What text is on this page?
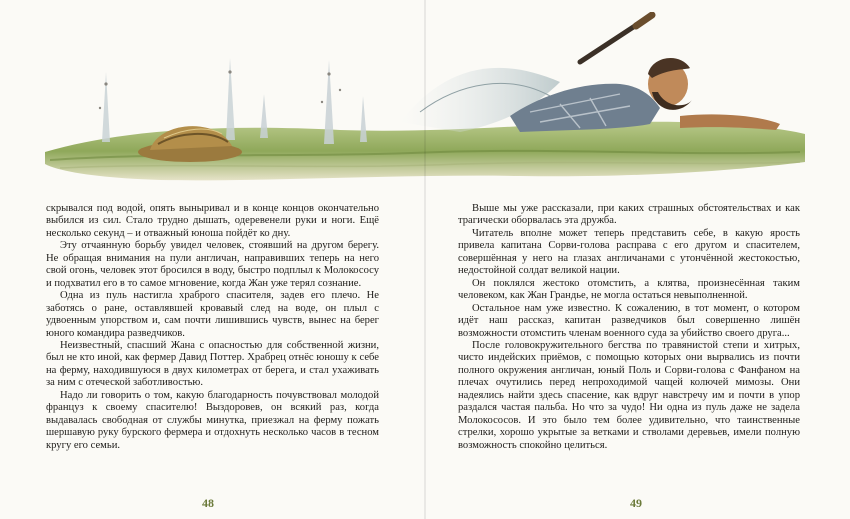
скрывался под водой, опять выныривал и в конце концов окончательно выбился из сил. Стало трудно дышать, одеревенели руки и ноги. Ещё несколько секунд – и отважный юноша пойдёт ко дну.

Эту отчаянную борьбу увидел человек, стоявший на другом берегу. Не обращая внимания на пули англичан, направивших теперь на него свой огонь, человек этот бросился в воду, быстро подплыл к Молокососу и подхватил его в то самое мгновение, когда Жан уже терял сознание.

Одна из пуль настигла храброго спасителя, задев его плечо. Не заботясь о ране, оставлявшей кровавый след на воде, он плыл с удвоенным упорством и, сам почти лишившись чувств, вынес на берег юного командира разведчиков.

Неизвестный, спасший Жана с опасностью для собственной жизни, был не кто иной, как фермер Давид Поттер. Храбрец отнёс юношу к себе на ферму, находившуюся в двух километрах от берега, и стал ухаживать за ним с отеческой заботливостью.

Надо ли говорить о том, какую благодарность почувствовал молодой француз к своему спасителю! Выздоровев, он всякий раз, когда выдавалась свободная от службы минутка, приезжал на ферму пожать шершавую руку бурского фермера и отдохнуть несколько часов в тесном кругу его семьи.

Выше мы уже рассказали, при каких страшных обстоятельствах и как трагически оборвалась эта дружба.

Читатель вполне может теперь представить себе, в какую ярость привела капитана Сорви-голова расправа с его другом и спасителем, совершённая у него на глазах англичанами с утончённой жестокостью, недостойной солдат великой нации.

Он поклялся жестоко отомстить, а клятва, произнесённая таким человеком, как Жан Грандье, не могла остаться невыполненной.

Остальное нам уже известно. К сожалению, в тот момент, о котором идёт наш рассказ, капитан разведчиков был совершенно лишён возможности отомстить членам военного суда за убийство своего друга...

После головокружительного бегства по травянистой степи и хитрых, чисто индейских приёмов, с помощью которых они вырвались из почти полного окружения англичан, юный Поль и Сорви-голова с Фанфаном на плечах очутились перед непроходимой чащей колючей мимозы. Они надеялись найти здесь спасение, как вдруг навстречу им и почти в упор раздался частая пальба. Но что за чудо! Ни одна из пуль даже не задела Молокососов. И это было тем более удивительно, что таинственные стрелки, хорошо укрытые за ветками и стволами деревьев, имели полную возможность спокойно целиться.

48	49
